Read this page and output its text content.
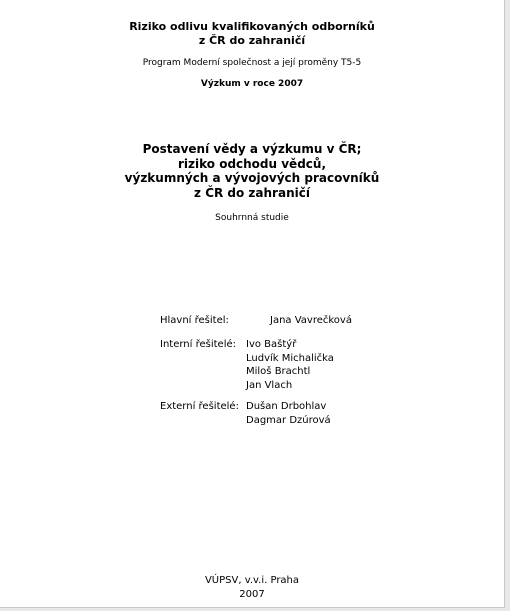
Riziko odlivu kvalifikovaných odborníků
z ČR do zahraničí
Program Moderní společnost a její proměny T5-5
Výzkum v roce 2007
Postavení vědy a výzkumu v ČR;
riziko odchodu vědců,
výzkumných a vývojových pracovníků
z ČR do zahraničí
Souhrnná studie
Hlavní řešitel:	Jana Vavrečková
Interní řešitelé:	Ivo Baštýř
Ludvík Michalička
Miloš Brachtl
Jan Vlach
Externí řešitelé: Dušan Drbohlav
Dagmar Dzúrová
VÚPSV, v.v.i. Praha
2007
